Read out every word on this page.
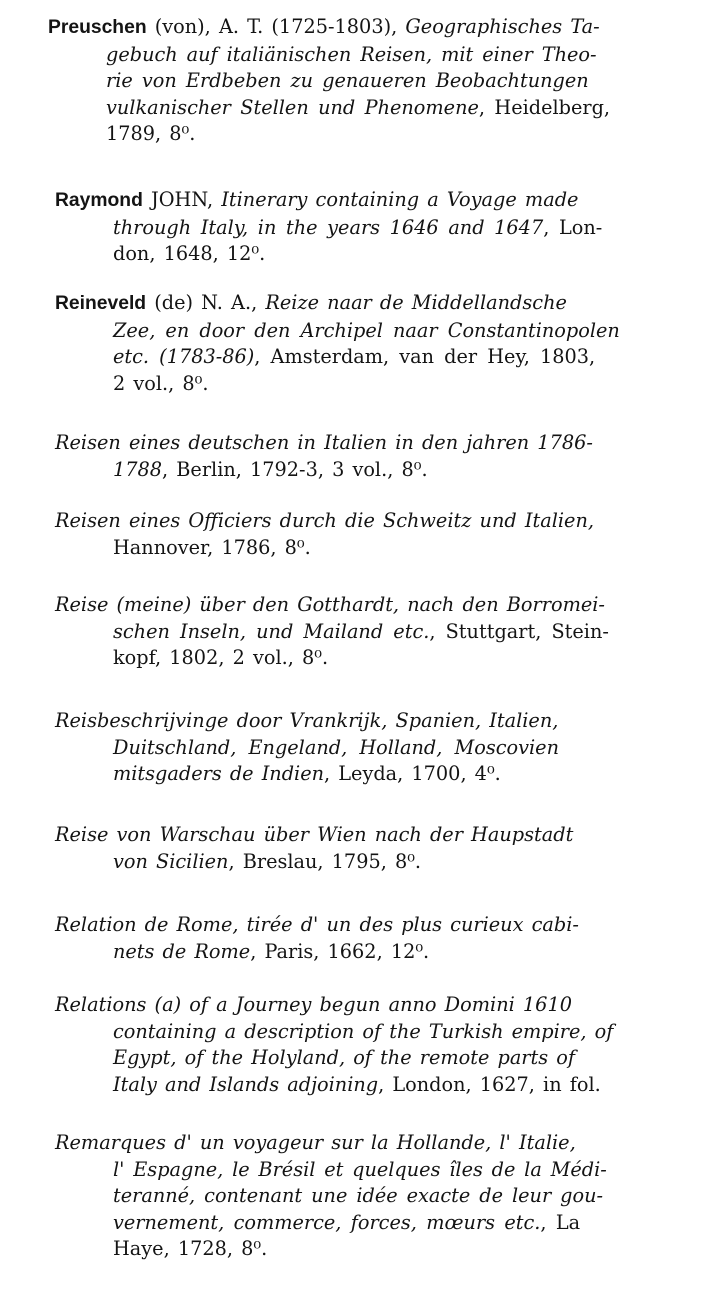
Preuschen (von), A. T. (1725-1803), Geographisches Ta-
gebuch auf italiänischen Reisen, mit einer Theo-
rie von Erdbeben zu genaueren Beobachtungen
vulkanischer Stellen und Phenomene, Heidelberg,
1789, 8⁰.
Raymond JOHN, Itinerary containing a Voyage made
through Italy, in the years 1646 and 1647, Lon-
don, 1648, 12⁰.
Reineveld (de) N. A., Reize naar de Middellandsche
Zee, en door den Archipel naar Constantinopolen
etc. (1783-86), Amsterdam, van der Hey, 1803,
2 vol., 8⁰.
Reisen eines deutschen in Italien in den jahren 1786-
1788, Berlin, 1792-3, 3 vol., 8⁰.
Reisen eines Officiers durch die Schweitz und Italien,
Hannover, 1786, 8⁰.
Reise (meine) über den Gotthardt, nach den Borromei-
schen Inseln, und Mailand etc., Stuttgart, Stein-
kopf, 1802, 2 vol., 8⁰.
Reisbeschrijvinge door Vrankrijk, Spanien, Italien,
Duitschland, Engeland, Holland, Moscovien
mitsgaders de Indien, Leyda, 1700, 4⁰.
Reise von Warschau über Wien nach der Haupstadt
von Sicilien, Breslau, 1795, 8⁰.
Relation de Rome, tirée d' un des plus curieux cabi-
nets de Rome, Paris, 1662, 12⁰.
Relations (a) of a Journey begun anno Domini 1610
containing a description of the Turkish empire, of
Egypt, of the Holyland, of the remote parts of
Italy and Islands adjoining, London, 1627, in fol.
Remarques d' un voyageur sur la Hollande, l' Italie,
l' Espagne, le Brésil et quelques îles de la Médi-
teranné, contenant une idée exacte de leur gou-
vernement, commerce, forces, mœurs etc., La
Haye, 1728, 8⁰.
